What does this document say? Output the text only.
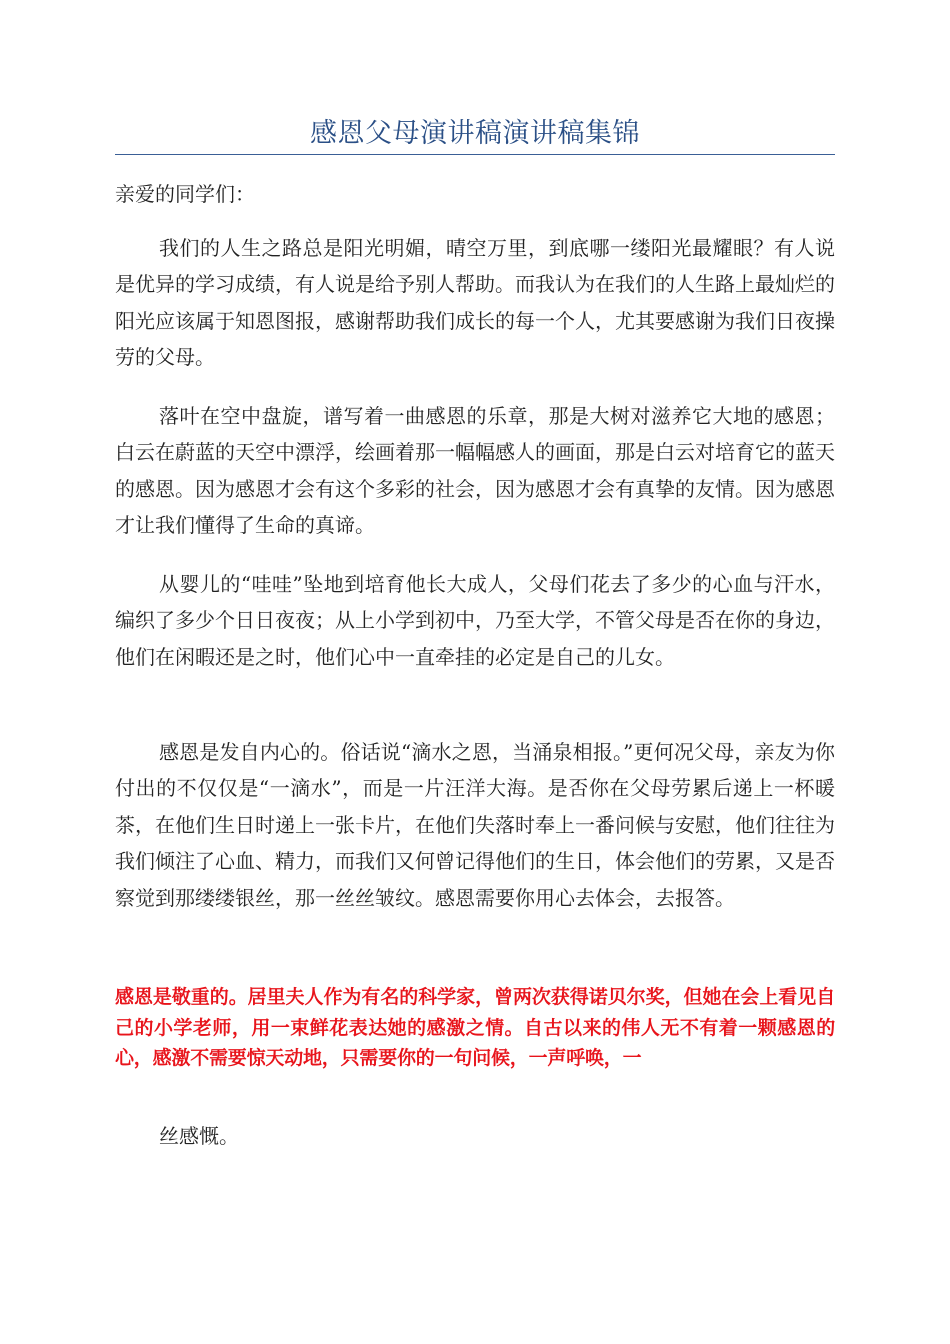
感恩父母演讲稿演讲稿集锦

亲爱的同学们：

我们的人生之路总是阳光明媚，晴空万里，到底哪一缕阳光最耀眼？有人说是优异的学习成绩，有人说是给予别人帮助。而我认为在我们的人生路上最灿烂的阳光应该属于知恩图报，感谢帮助我们成长的每一个人，尤其要感谢为我们日夜操劳的父母。

落叶在空中盘旋，谱写着一曲感恩的乐章，那是大树对滋养它大地的感恩；白云在蔚蓝的天空中漂浮，绘画着那一幅幅感人的画面，那是白云对培育它的蓝天的感恩。因为感恩才会有这个多彩的社会，因为感恩才会有真挚的友情。因为感恩才让我们懂得了生命的真谛。

从婴儿的“哇哇”坠地到培育他长大成人，父母们花去了多少的心血与汗水，编织了多少个日日夜夜；从上小学到初中，乃至大学，不管父母是否在你的身边，他们在闲暇还是之时，他们心中一直牵挂的必定是自己的儿女。

感恩是发自内心的。俗话说“滴水之恩，当涌泉相报。”更何况父母，亲友为你付出的不仅仅是“一滴水”，而是一片汪洋大海。是否你在父母劳累后递上一杯暖茶，在他们生日时递上一张卡片，在他们失落时奉上一番问候与安慰，他们往往为我们倾注了心血、精力，而我们又何曾记得他们的生日，体会他们的劳累，又是否察觉到那缕缕银丝，那一丝丝皱纹。感恩需要你用心去体会，去报答。

感恩是敬重的。居里夫人作为有名的科学家，曾两次获得诺贝尔奖，但她在会上看见自己的小学老师，用一束鲜花表达她的感激之情。自古以来的伟人无不有着一颗感恩的心，感激不需要惊天动地，只需要你的一句问候，一声呼唤，一

丝感慨。
